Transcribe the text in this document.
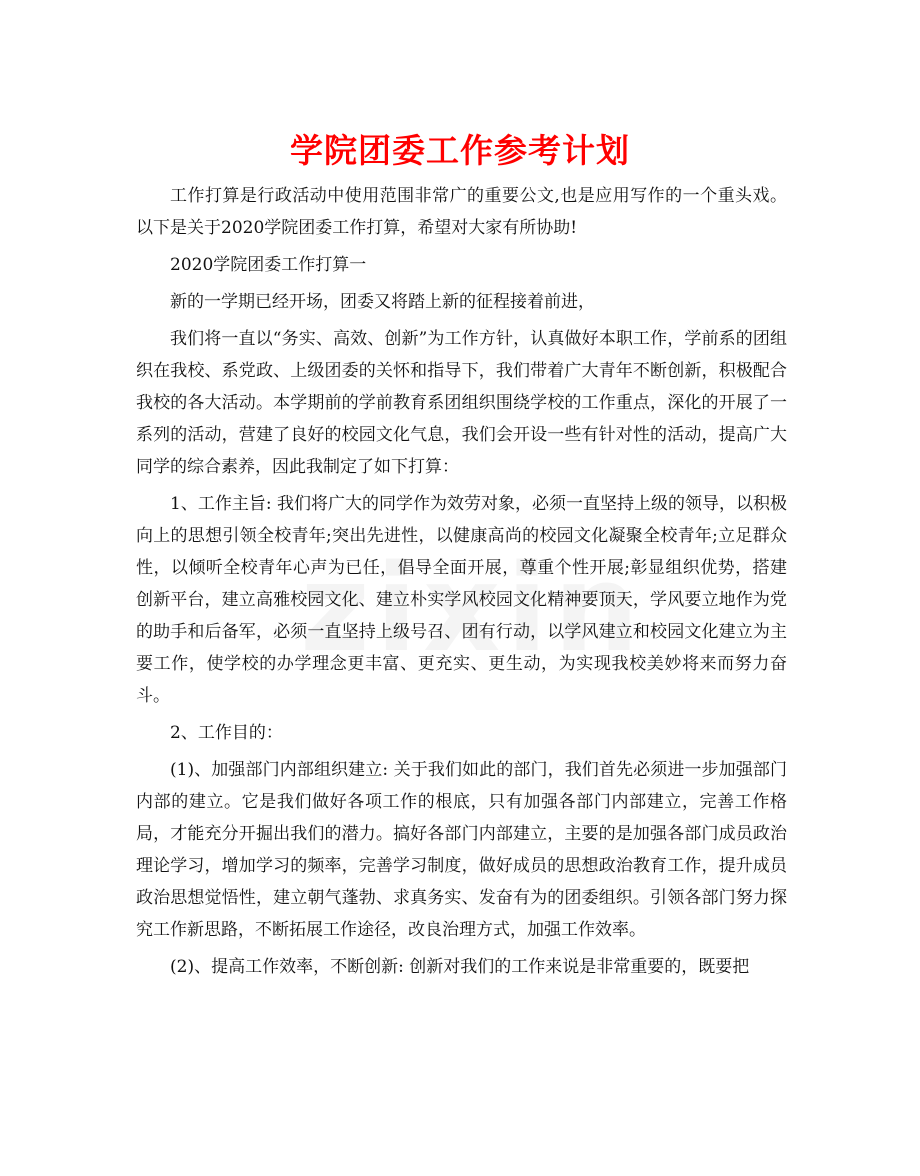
学院团委工作参考计划

工作打算是行政活动中使用范围非常广的重要公文,也是应用写作的一个重头戏。以下是关于2020学院团委工作打算，希望对大家有所协助!

2020学院团委工作打算一

新的一学期已经开场，团委又将踏上新的征程接着前进，

我们将一直以“务实、高效、创新”为工作方针，认真做好本职工作，学前系的团组织在我校、系党政、上级团委的关怀和指导下，我们带着广大青年不断创新，积极配合我校的各大活动。本学期前的学前教育系团组织围绕学校的工作重点，深化的开展了一系列的活动，营建了良好的校园文化气息，我们会开设一些有针对性的活动，提高广大同学的综合素养，因此我制定了如下打算：

1、工作主旨: 我们将广大的同学作为效劳对象，必须一直坚持上级的领导，以积极向上的思想引领全校青年;突出先进性，以健康高尚的校园文化凝聚全校青年;立足群众性，以倾听全校青年心声为已任，倡导全面开展，尊重个性开展;彰显组织优势，搭建创新平台，建立高雅校园文化、建立朴实学风校园文化精神要顶天，学风要立地作为党的助手和后备军，必须一直坚持上级号召、团有行动，以学风建立和校园文化建立为主要工作，使学校的办学理念更丰富、更充实、更生动，为实现我校美妙将来而努力奋斗。

2、工作目的：

(1)、加强部门内部组织建立: 关于我们如此的部门，我们首先必须进一步加强部门内部的建立。它是我们做好各项工作的根底，只有加强各部门内部建立，完善工作格局，才能充分开掘出我们的潜力。搞好各部门内部建立，主要的是加强各部门成员政治理论学习，增加学习的频率，完善学习制度，做好成员的思想政治教育工作，提升成员政治思想觉悟性，建立朝气蓬勃、求真务实、发奋有为的团委组织。引领各部门努力探究工作新思路，不断拓展工作途径，改良治理方式，加强工作效率。

(2)、提高工作效率，不断创新: 创新对我们的工作来说是非常重要的，既要把
